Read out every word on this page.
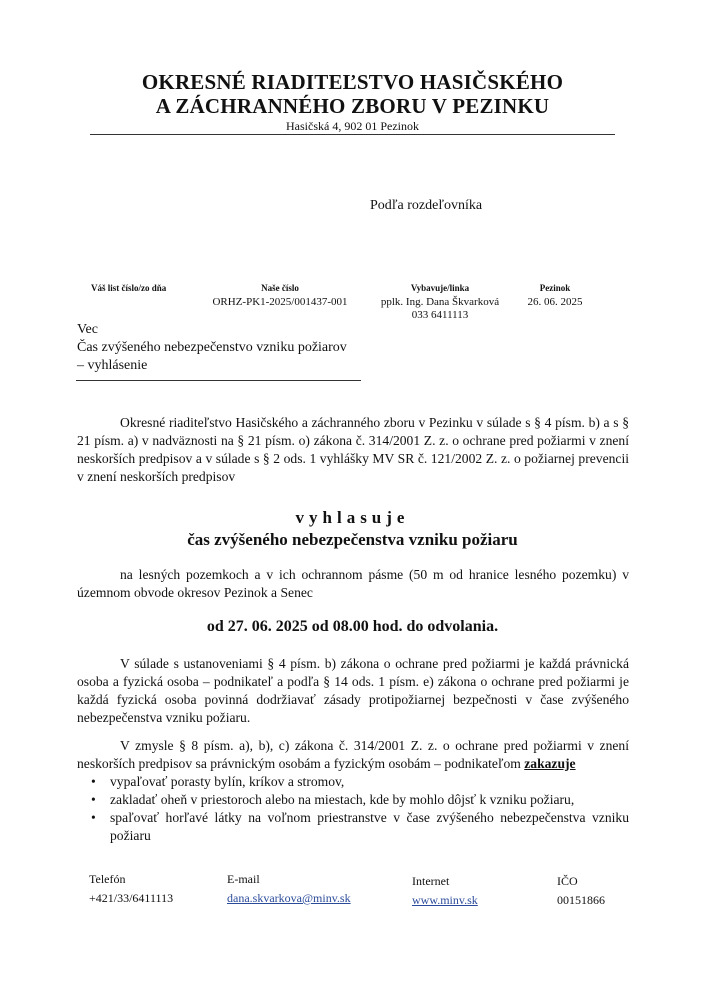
OKRESNÉ RIADITEĽSTVO HASIČSKÉHO
A ZÁCHRANNÉHO ZBORU V PEZINKU
Hasičská 4, 902 01 Pezinok
Podľa rozdeľovníka
Váš list číslo/zo dňa	Naše číslo
ORHZ-PK1-2025/001437-001
Vybavuje/linka
pplk. Ing. Dana Škvarková
033 6411113
Pezinok
26. 06. 2025
Vec
Čas zvýšeného nebezpečenstvo vzniku požiarov
– vyhlásenie
Okresné riaditeľstvo Hasičského a záchranného zboru v Pezinku v súlade s § 4 písm. b) a s § 21 písm. a) v nadväznosti na § 21 písm. o) zákona č. 314/2001 Z. z. o ochrane pred požiarmi v znení neskorších predpisov a v súlade s § 2 ods. 1 vyhlášky MV SR č. 121/2002 Z. z. o požiarnej prevencii v znení neskorších predpisov
vyhlasuje
čas zvýšeného nebezpečenstva vzniku požiaru
na lesných pozemkoch a v ich ochrannom pásme (50 m od hranice lesného pozemku) v územnom obvode okresov Pezinok a Senec
od 27. 06. 2025 od 08.00 hod. do odvolania.
V súlade s ustanoveniami § 4 písm. b) zákona o ochrane pred požiarmi je každá právnická osoba a fyzická osoba – podnikateľ a podľa § 14 ods. 1 písm. e) zákona o ochrane pred požiarmi je každá fyzická osoba povinná dodržiavať zásady protipožiarnej bezpečnosti v čase zvýšeného nebezpečenstva vzniku požiaru.
V zmysle § 8 písm. a), b), c) zákona č. 314/2001 Z. z. o ochrane pred požiarmi v znení neskorších predpisov sa právnickým osobám a fyzickým osobám – podnikateľom zakazuje
• vypaľovať porasty bylín, kríkov a stromov,
• zakladať oheň v priestoroch alebo na miestach, kde by mohlo dôjsť k vzniku požiaru,
• spaľovať horľavé látky na voľnom priestranstve v čase zvýšeného nebezpečenstva vzniku požiaru
Telefón
+421/33/6411113
E-mail
dana.skvarkova@minv.sk
Internet
www.minv.sk
IČO
00151866
